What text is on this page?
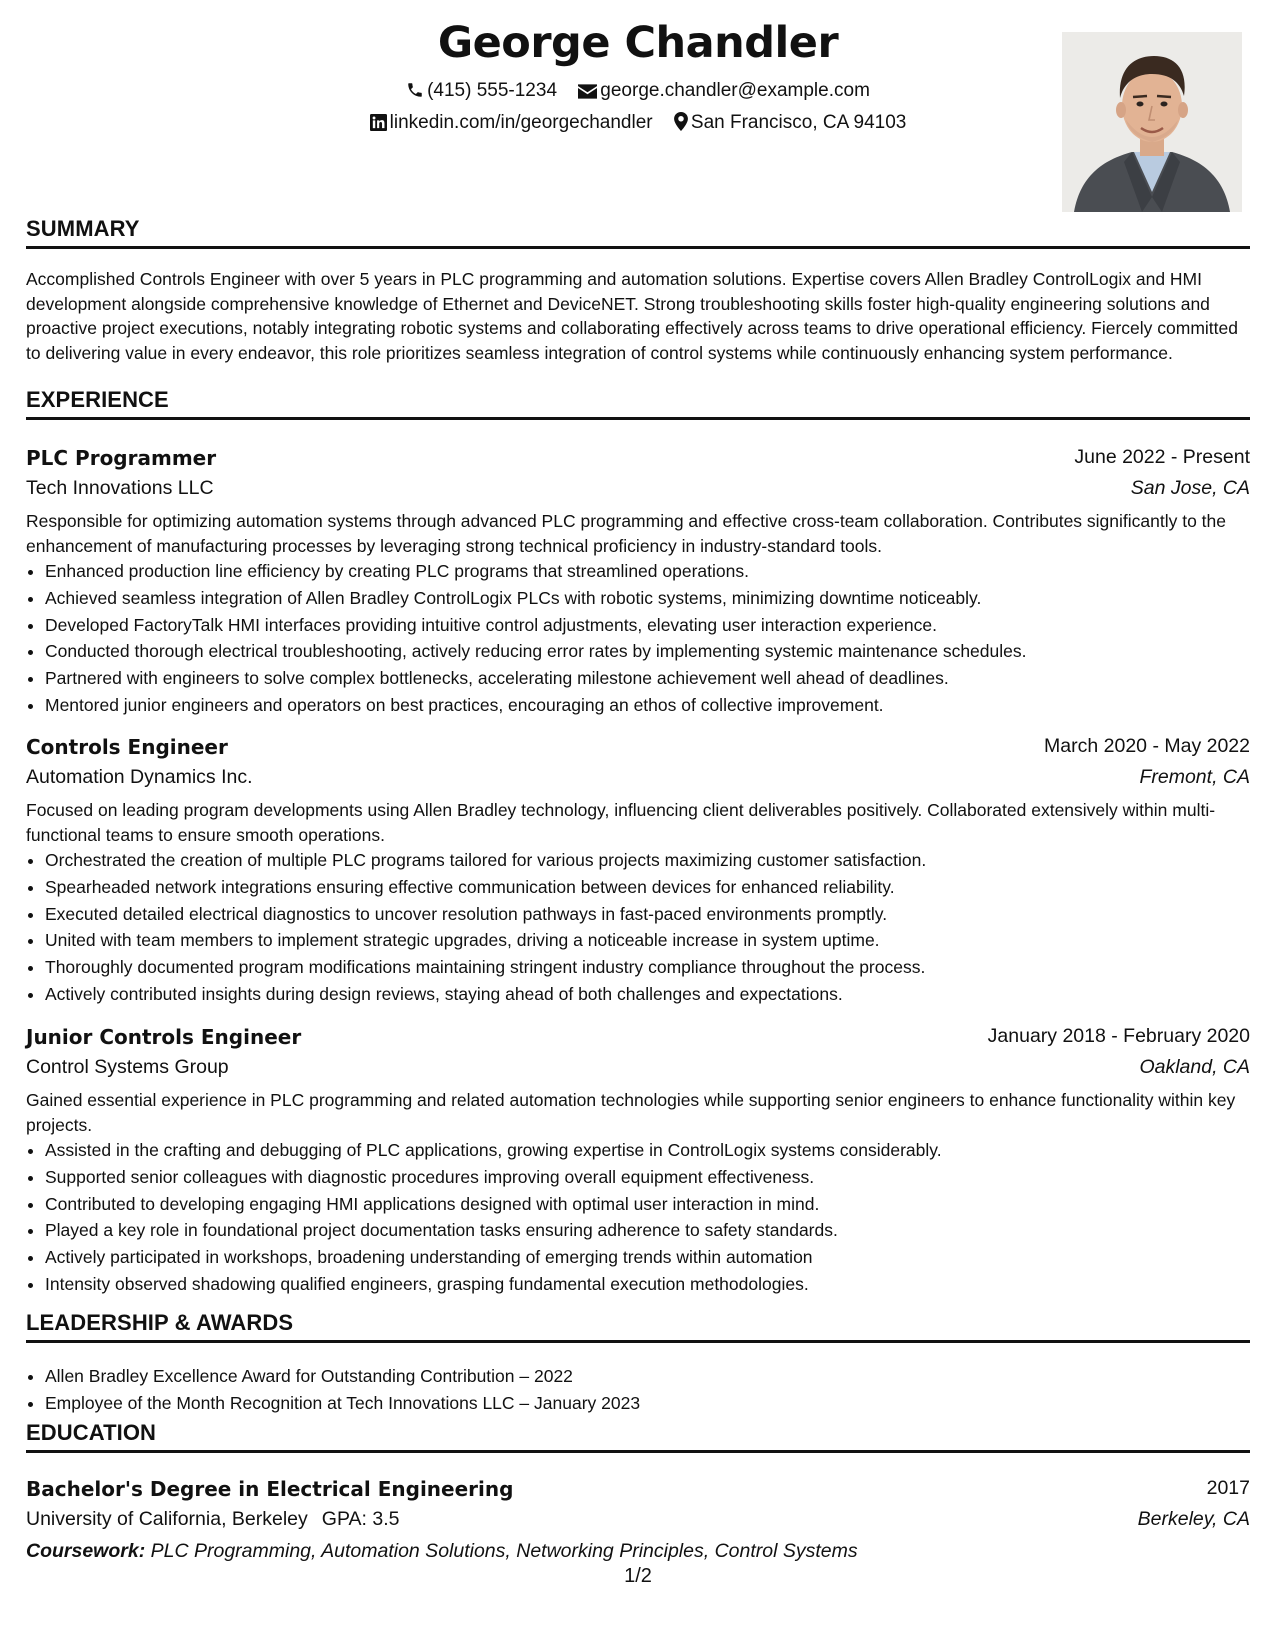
George Chandler
(415) 555-1234 george.chandler@example.com
linkedin.com/in/georgechandler San Francisco, CA 94103
SUMMARY

Accomplished Controls Engineer with over 5 years in PLC programming and automation solutions. Expertise covers Allen Bradley ControlLogix and HMI development alongside comprehensive knowledge of Ethernet and DeviceNET. Strong troubleshooting skills foster high-quality engineering solutions and proactive project executions, notably integrating robotic systems and collaborating effectively across teams to drive operational efficiency. Fiercely committed to delivering value in every endeavor, this role prioritizes seamless integration of control systems while continuously enhancing system performance.

EXPERIENCE
PLC Programmer	June 2022 - Present
Tech Innovations LLC	San Jose, CA

Responsible for optimizing automation systems through advanced PLC programming and effective cross-team collaboration. Contributes significantly to the enhancement of manufacturing processes by leveraging strong technical proficiency in industry-standard tools.

• Enhanced production line efficiency by creating PLC programs that streamlined operations.
• Achieved seamless integration of Allen Bradley ControlLogix PLCs with robotic systems, minimizing downtime noticeably.
• Developed FactoryTalk HMI interfaces providing intuitive control adjustments, elevating user interaction experience.
• Conducted thorough electrical troubleshooting, actively reducing error rates by implementing systemic maintenance schedules.
• Partnered with engineers to solve complex bottlenecks, accelerating milestone achievement well ahead of deadlines.
• Mentored junior engineers and operators on best practices, encouraging an ethos of collective improvement.
Controls Engineer	March 2020 - May 2022
Automation Dynamics Inc.	Fremont, CA

Focused on leading program developments using Allen Bradley technology, influencing client deliverables positively. Collaborated extensively within multi-functional teams to ensure smooth operations.

• Orchestrated the creation of multiple PLC programs tailored for various projects maximizing customer satisfaction.
• Spearheaded network integrations ensuring effective communication between devices for enhanced reliability.
• Executed detailed electrical diagnostics to uncover resolution pathways in fast-paced environments promptly.
• United with team members to implement strategic upgrades, driving a noticeable increase in system uptime.
• Thoroughly documented program modifications maintaining stringent industry compliance throughout the process.
• Actively contributed insights during design reviews, staying ahead of both challenges and expectations.
Junior Controls Engineer	January 2018 - February 2020
Control Systems Group	Oakland, CA

Gained essential experience in PLC programming and related automation technologies while supporting senior engineers to enhance functionality within key projects.

• Assisted in the crafting and debugging of PLC applications, growing expertise in ControlLogix systems considerably.
• Supported senior colleagues with diagnostic procedures improving overall equipment effectiveness.
• Contributed to developing engaging HMI applications designed with optimal user interaction in mind.
• Played a key role in foundational project documentation tasks ensuring adherence to safety standards.
• Actively participated in workshops, broadening understanding of emerging trends within automation
• Intensity observed shadowing qualified engineers, grasping fundamental execution methodologies.
LEADERSHIP & AWARDS
• Allen Bradley Excellence Award for Outstanding Contribution – 2022
• Employee of the Month Recognition at Tech Innovations LLC – January 2023
EDUCATION
Bachelor's Degree in Electrical Engineering	2017
University of California, Berkeley GPA: 3.5	Berkeley, CA
Coursework: PLC Programming, Automation Solutions, Networking Principles, Control Systems
1/2
